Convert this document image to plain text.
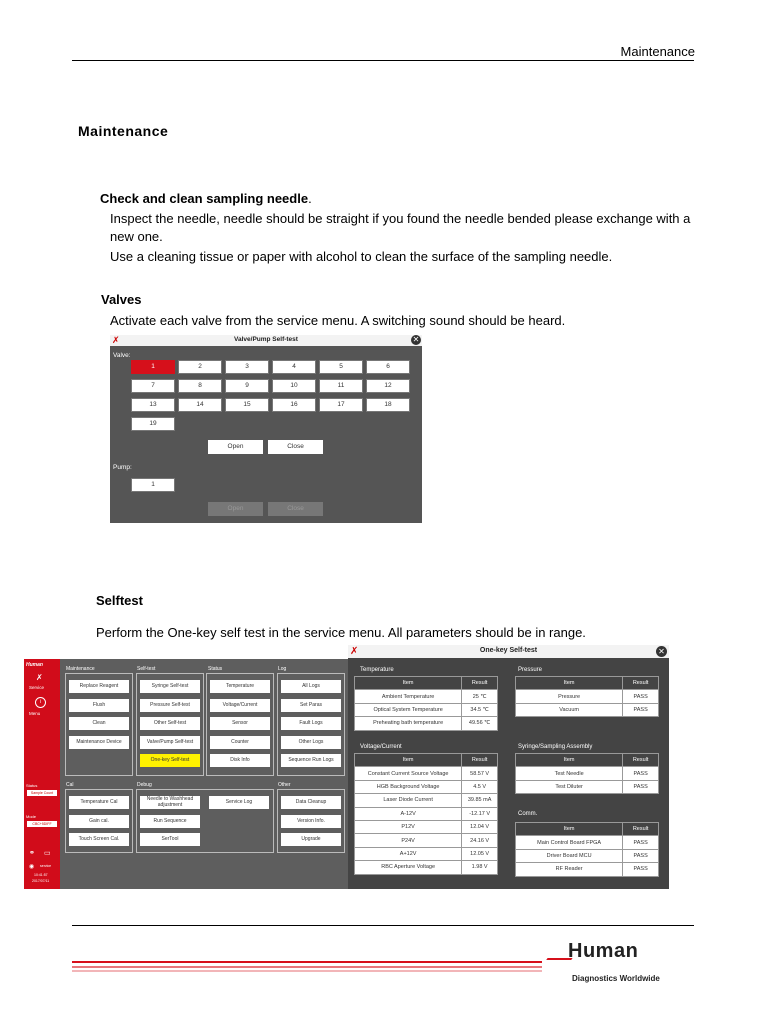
Maintenance
Maintenance
Check and clean sampling needle.
Inspect the needle, needle should be straight if you found the needle bended please exchange with a
new one.
Use a cleaning tissue or paper with alcohol to clean the surface of the sampling needle.
Valves
Activate each valve from the service menu. A switching sound should be heard.
✗	Valve/Pump Self-test	✕
Valve:
1	2	3	4	5	6
7	8	9	10	11	12
13	14	15	16	17	18
19
Open	Close
Pump:
1
Open	Close
Selftest
Perform the One-key self test in the service menu. All parameters should be in range.
Human
✗
Service
i
Menu
Status
Sample Count
Mode
CBC+5DIFF
⚭ ▭
◉ service
10:41:57
2017/07/11
Maintenance	Self-test	Status	Log
Cal	Debug	Other
Replace Reagent
Flush
Clean
Maintenance Device
Syringe Self-test
Pressure Self-test
Other Self-test
Valve/Pump Self-test
One-key Self-test
Temperature
Voltage/Current
Sensor
Counter
Disk Info
All Logs
Set Paras
Fault Logs
Other Logs
Sequence Run Logs
Temperature Cal
Gain cal.
Touch Screen Cal.
Data Cleanup
Version Info.
Upgrade
Needle to Washhead adjustment
Run Sequence
SerTool
Service Log
✗	One-key Self-test	✕
Temperature	Pressure
Voltage/Current	Syringe/Sampling Assembly
Comm.
Item	Result
Ambient Temperature	25 ℃
Optical System Temperature	34.5 ℃
Preheating bath temperature	49.56 ℃
Item	Result
Pressure	PASS
Vacuum	PASS
Item	Result
Constant Current Source Voltage	58.57 V
HGB Background Voltage	4.5 V
Laser Diode Current	39.85 mA
A-12V	-12.17 V
P12V	12.04 V
P24V	24.16 V
A+12V	12.05 V
RBC Aperture Voltage	1.98 V
Item	Result
Test Needle	PASS
Test Diluter	PASS
Item	Result
Main Control Board FPGA	PASS
Driver Board MCU	PASS
RF Reader	PASS
Human
Diagnostics Worldwide
